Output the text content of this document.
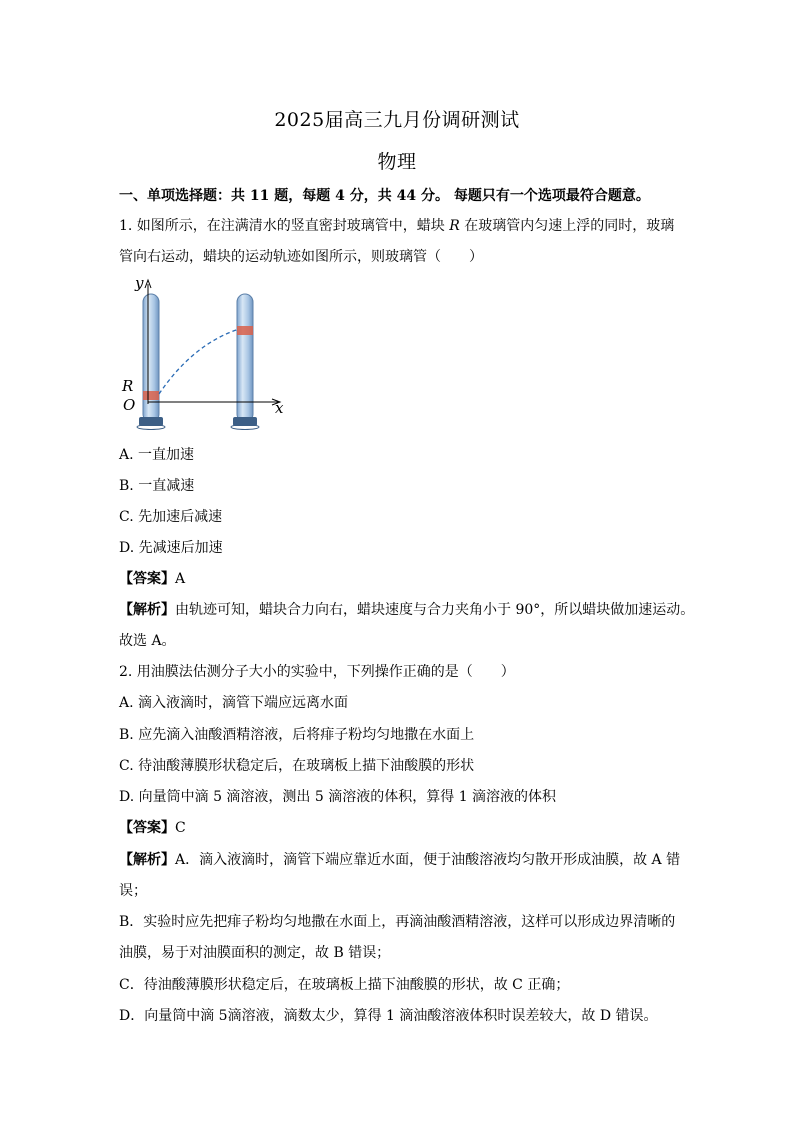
2025届高三九月份调研测试
物理
一、单项选择题：共 11 题，每题 4 分，共 44 分。 每题只有一个选项最符合题意。
1. 如图所示，在注满清水的竖直密封玻璃管中，蜡块 R 在玻璃管内匀速上浮的同时，玻璃
管向右运动，蜡块的运动轨迹如图所示，则玻璃管（　　）
y
x
R
O
A. 一直加速
B. 一直减速
C. 先加速后减速
D. 先减速后加速
【答案】A
【解析】由轨迹可知，蜡块合力向右，蜡块速度与合力夹角小于 90°，所以蜡块做加速运动。
故选 A。
2. 用油膜法估测分子大小的实验中，下列操作正确的是（　　）
A. 滴入液滴时，滴管下端应远离水面
B. 应先滴入油酸酒精溶液，后将痱子粉均匀地撒在水面上
C. 待油酸薄膜形状稳定后，在玻璃板上描下油酸膜的形状
D. 向量筒中滴 5 滴溶液，测出 5 滴溶液的体积，算得 1 滴溶液的体积
【答案】C
【解析】A．滴入液滴时，滴管下端应靠近水面，便于油酸溶液均匀散开形成油膜，故 A 错
误；
B．实验时应先把痱子粉均匀地撒在水面上，再滴油酸酒精溶液，这样可以形成边界清晰的
油膜，易于对油膜面积的测定，故 B 错误；
C．待油酸薄膜形状稳定后，在玻璃板上描下油酸膜的形状，故 C 正确；
D．向量筒中滴 5滴溶液，滴数太少，算得 1 滴油酸溶液体积时误差较大，故 D 错误。
